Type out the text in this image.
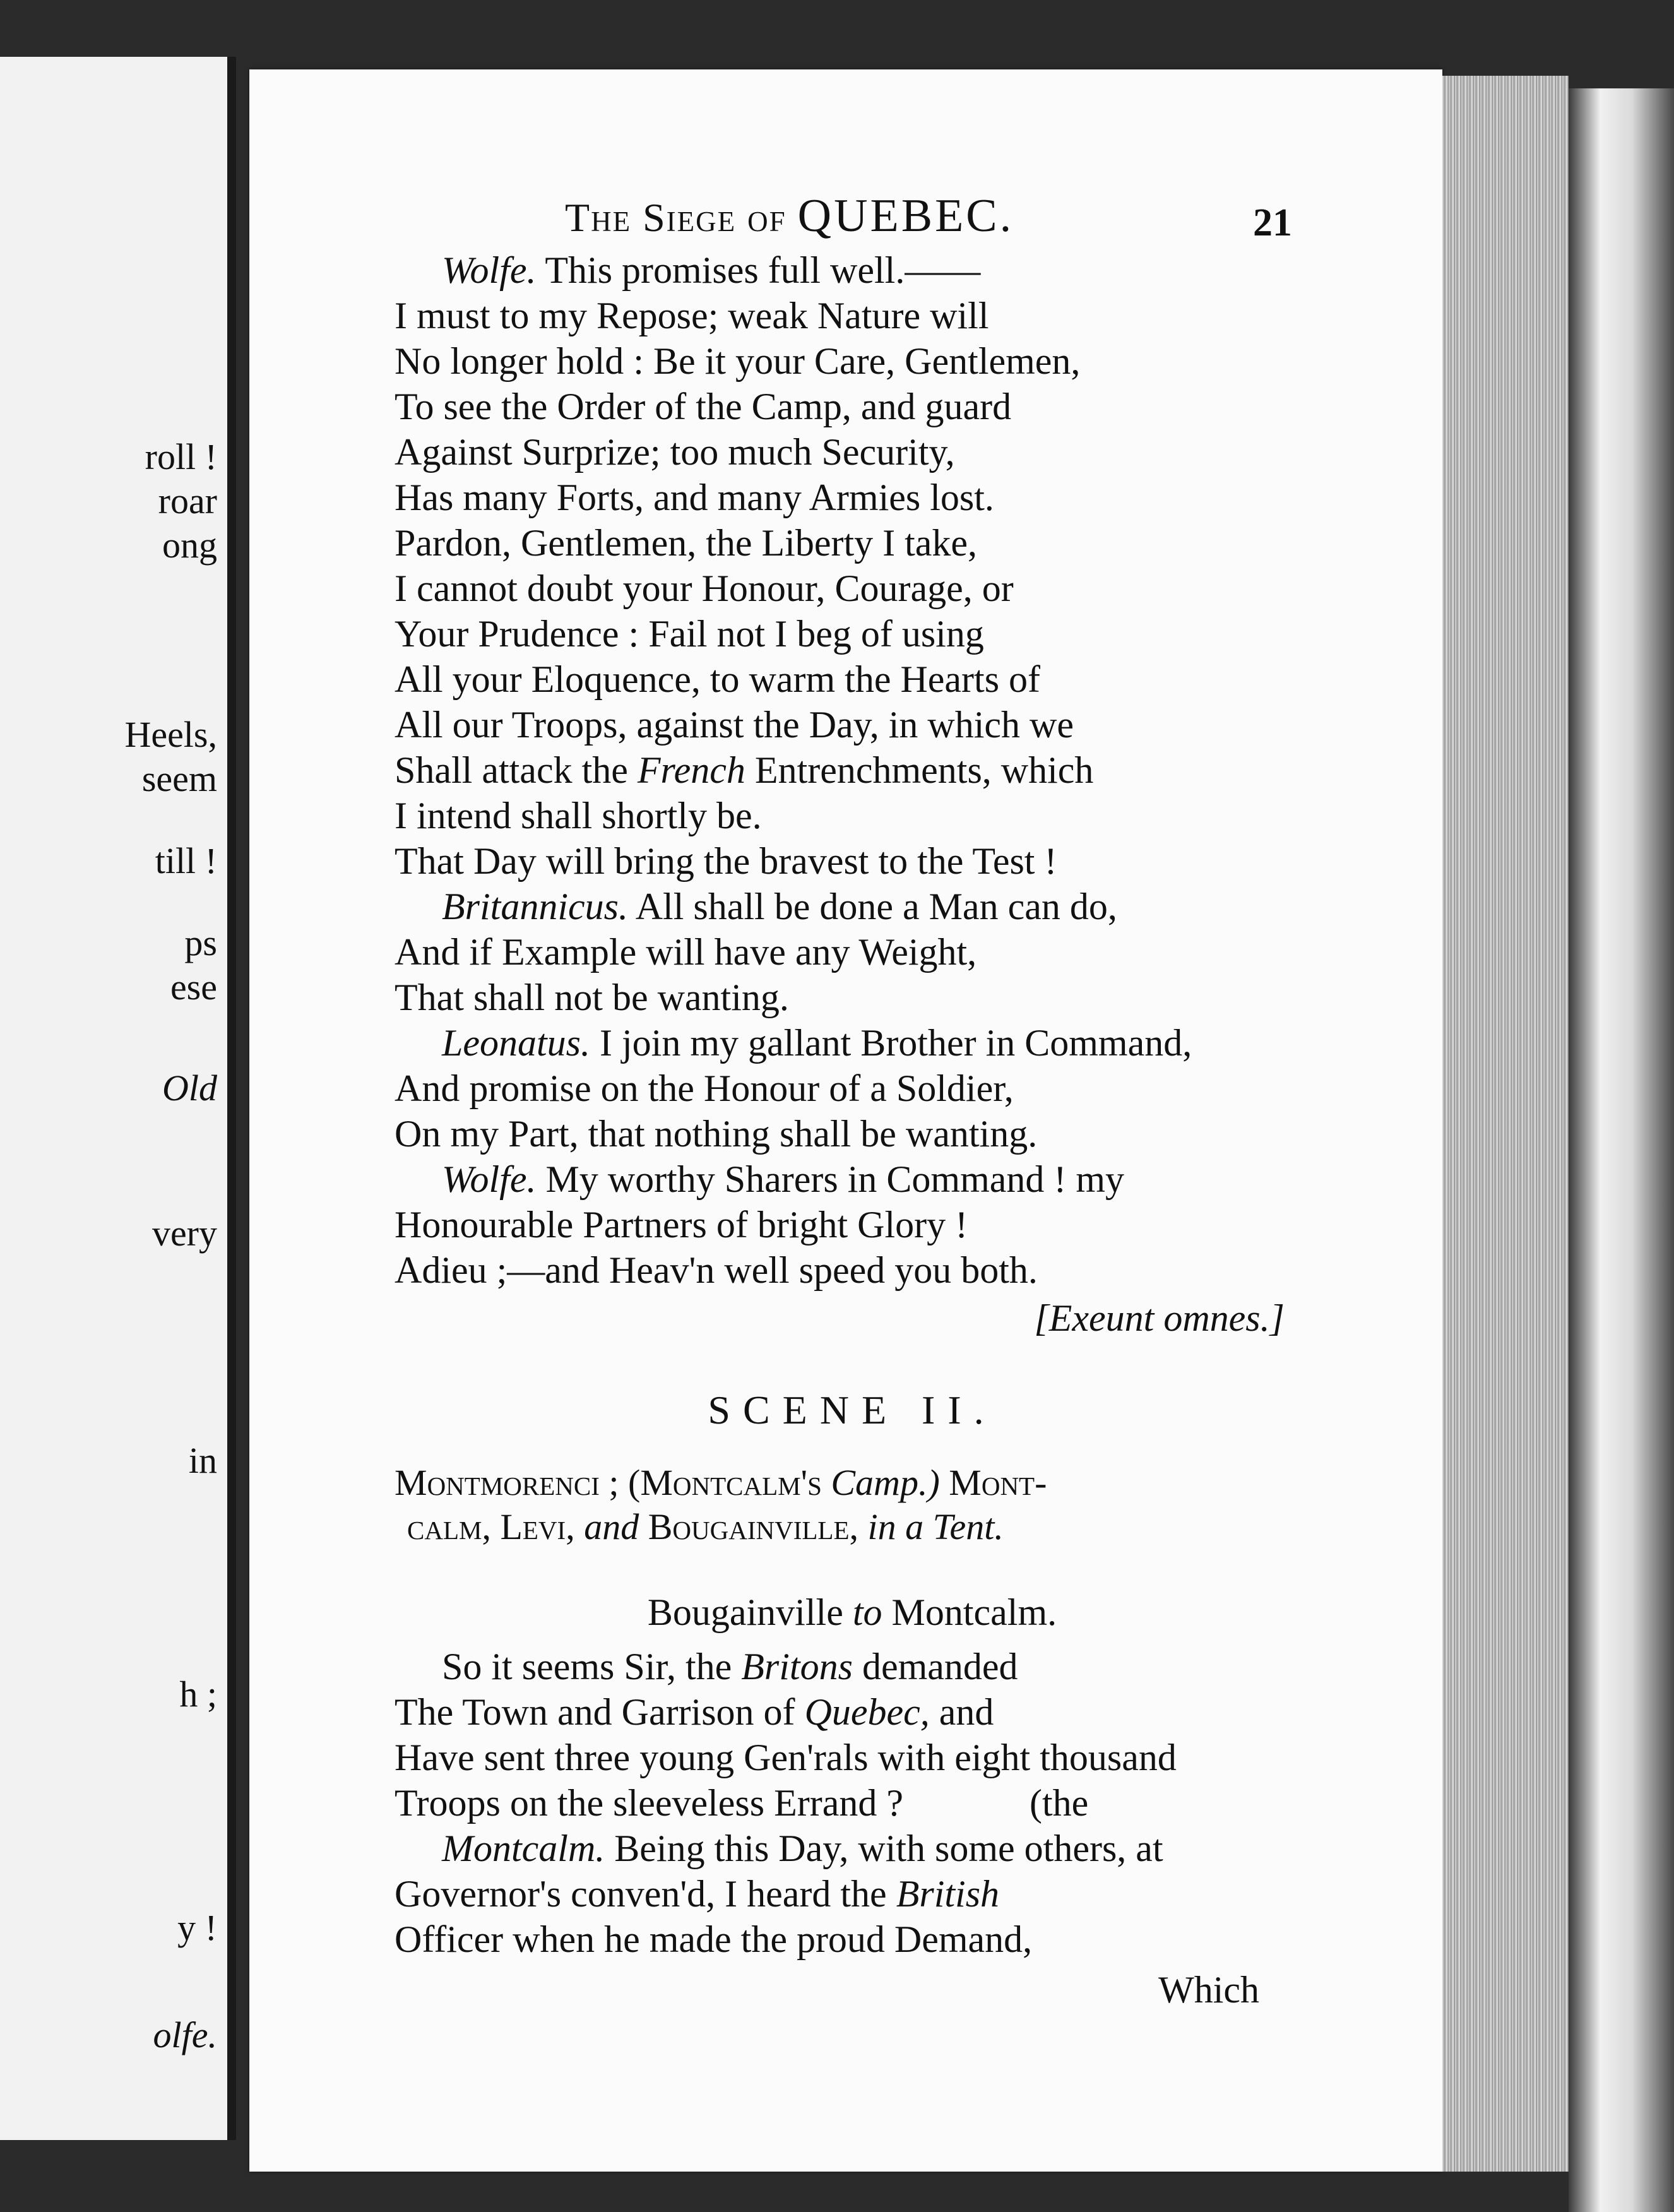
roll !
roar
ong
Heels,
seem
till !
ps
ese
Old
very
in
h ;
y !
olfe.
The Siege of QUEBEC.	21
Wolfe. This promises full well.——
I must to my Repose; weak Nature will
No longer hold : Be it your Care, Gentlemen,
To see the Order of the Camp, and guard
Against Surprize; too much Security,
Has many Forts, and many Armies lost.
Pardon, Gentlemen, the Liberty I take,
I cannot doubt your Honour, Courage, or
Your Prudence : Fail not I beg of using
All your Eloquence, to warm the Hearts of
All our Troops, against the Day, in which we
Shall attack the French Entrenchments, which
I intend shall shortly be.
That Day will bring the bravest to the Test !
Britannicus. All shall be done a Man can do,
And if Example will have any Weight,
That shall not be wanting.
Leonatus. I join my gallant Brother in Command,
And promise on the Honour of a Soldier,
On my Part, that nothing shall be wanting.
Wolfe. My worthy Sharers in Command ! my
Honourable Partners of bright Glory !
Adieu ;—and Heav'n well speed you both.
[Exeunt omnes.]
SCENE II.
Montmorenci ; (Montcalm's Camp.) Mont-
calm, Levi, and Bougainville, in a Tent.
Bougainville to Montcalm.
So it seems Sir, the Britons demanded
The Town and Garrison of Quebec, and
Have sent three young Gen'rals with eight thousand
Troops on the sleeveless Errand ?	(the
Montcalm. Being this Day, with some others, at
Governor's conven'd, I heard the British
Officer when he made the proud Demand,
Which
